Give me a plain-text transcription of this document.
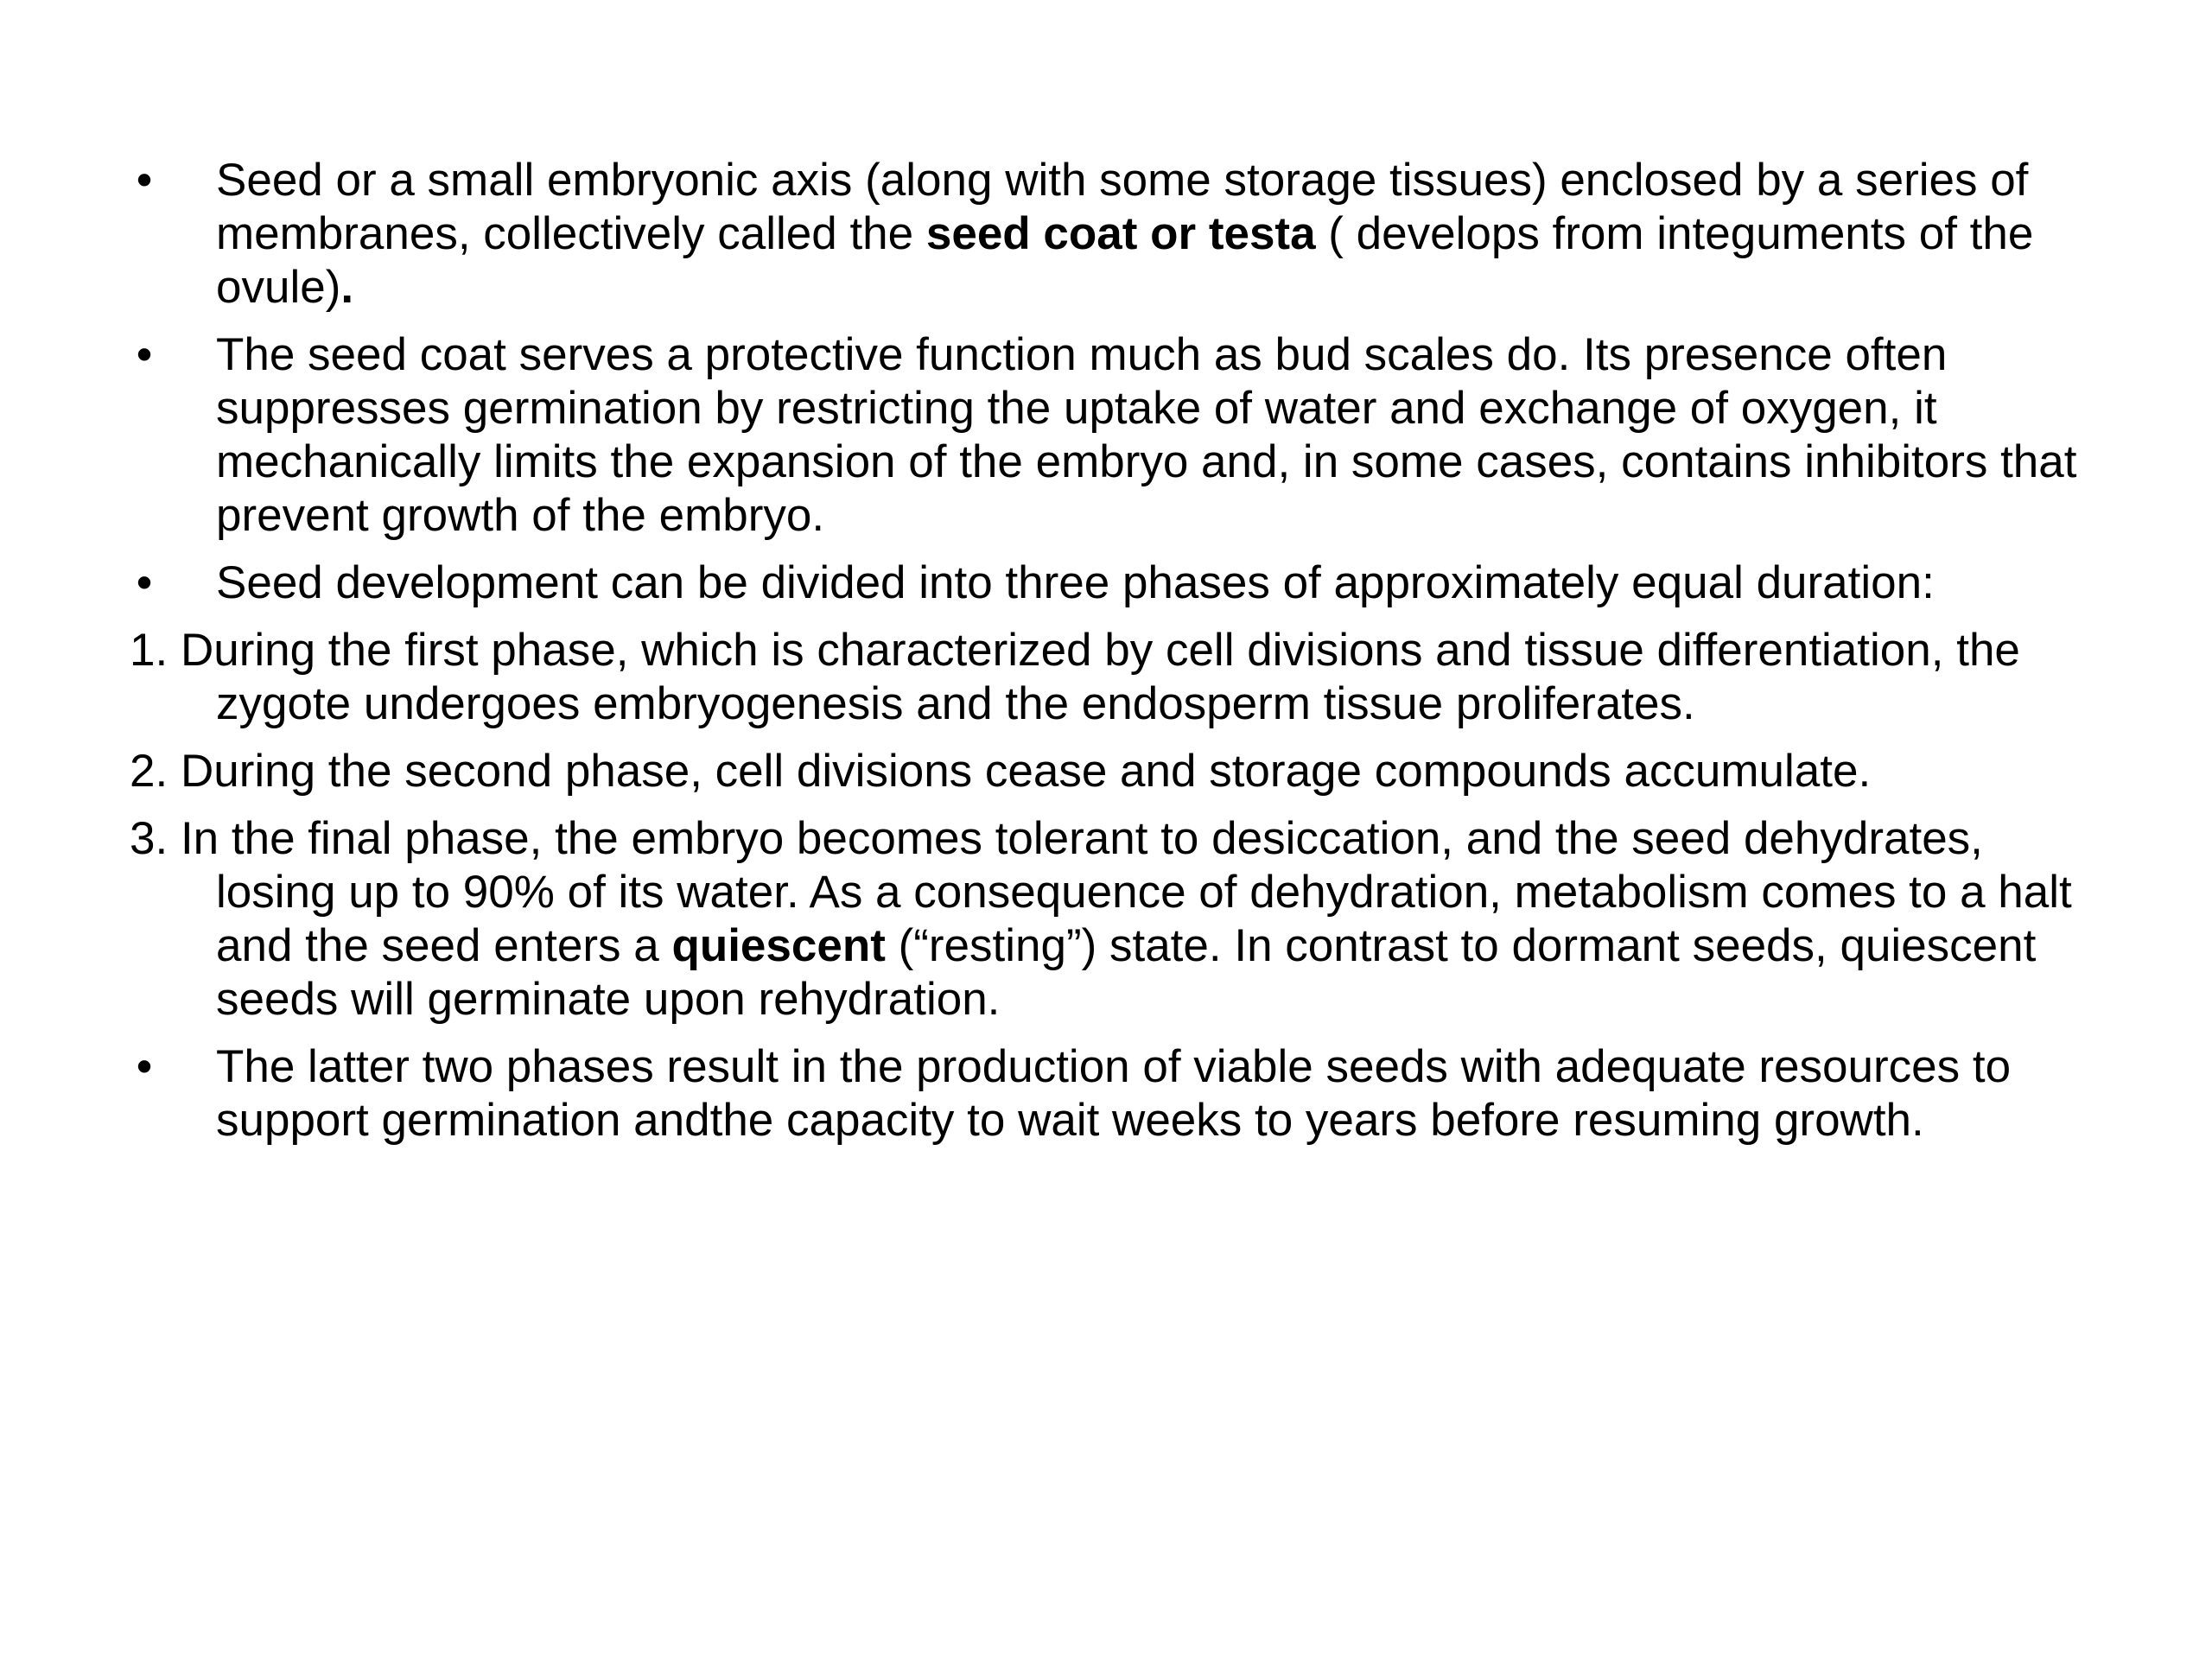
• Seed or a small embryonic axis (along with some storage tissues) enclosed by a series of membranes, collectively called the seed coat or testa ( develops from integuments of the ovule).
• The seed coat serves a protective function much as bud scales do. Its presence often suppresses germination by restricting the uptake of water and exchange of oxygen, it mechanically limits the expansion of the embryo and, in some cases, contains inhibitors that prevent growth of the embryo.
• Seed development can be divided into three phases of approximately equal duration:
1. During the first phase, which is characterized by cell divisions and tissue differentiation, the zygote undergoes embryogenesis and the endosperm tissue proliferates.
2. During the second phase, cell divisions cease and storage compounds accumulate.
3. In the final phase, the embryo becomes tolerant to desiccation, and the seed dehydrates, losing up to 90% of its water. As a consequence of dehydration, metabolism comes to a halt and the seed enters a quiescent (“resting”) state. In contrast to dormant seeds, quiescent seeds will germinate upon rehydration.
• The latter two phases result in the production of viable seeds with adequate resources to support germination andthe capacity to wait weeks to years before resuming growth.
